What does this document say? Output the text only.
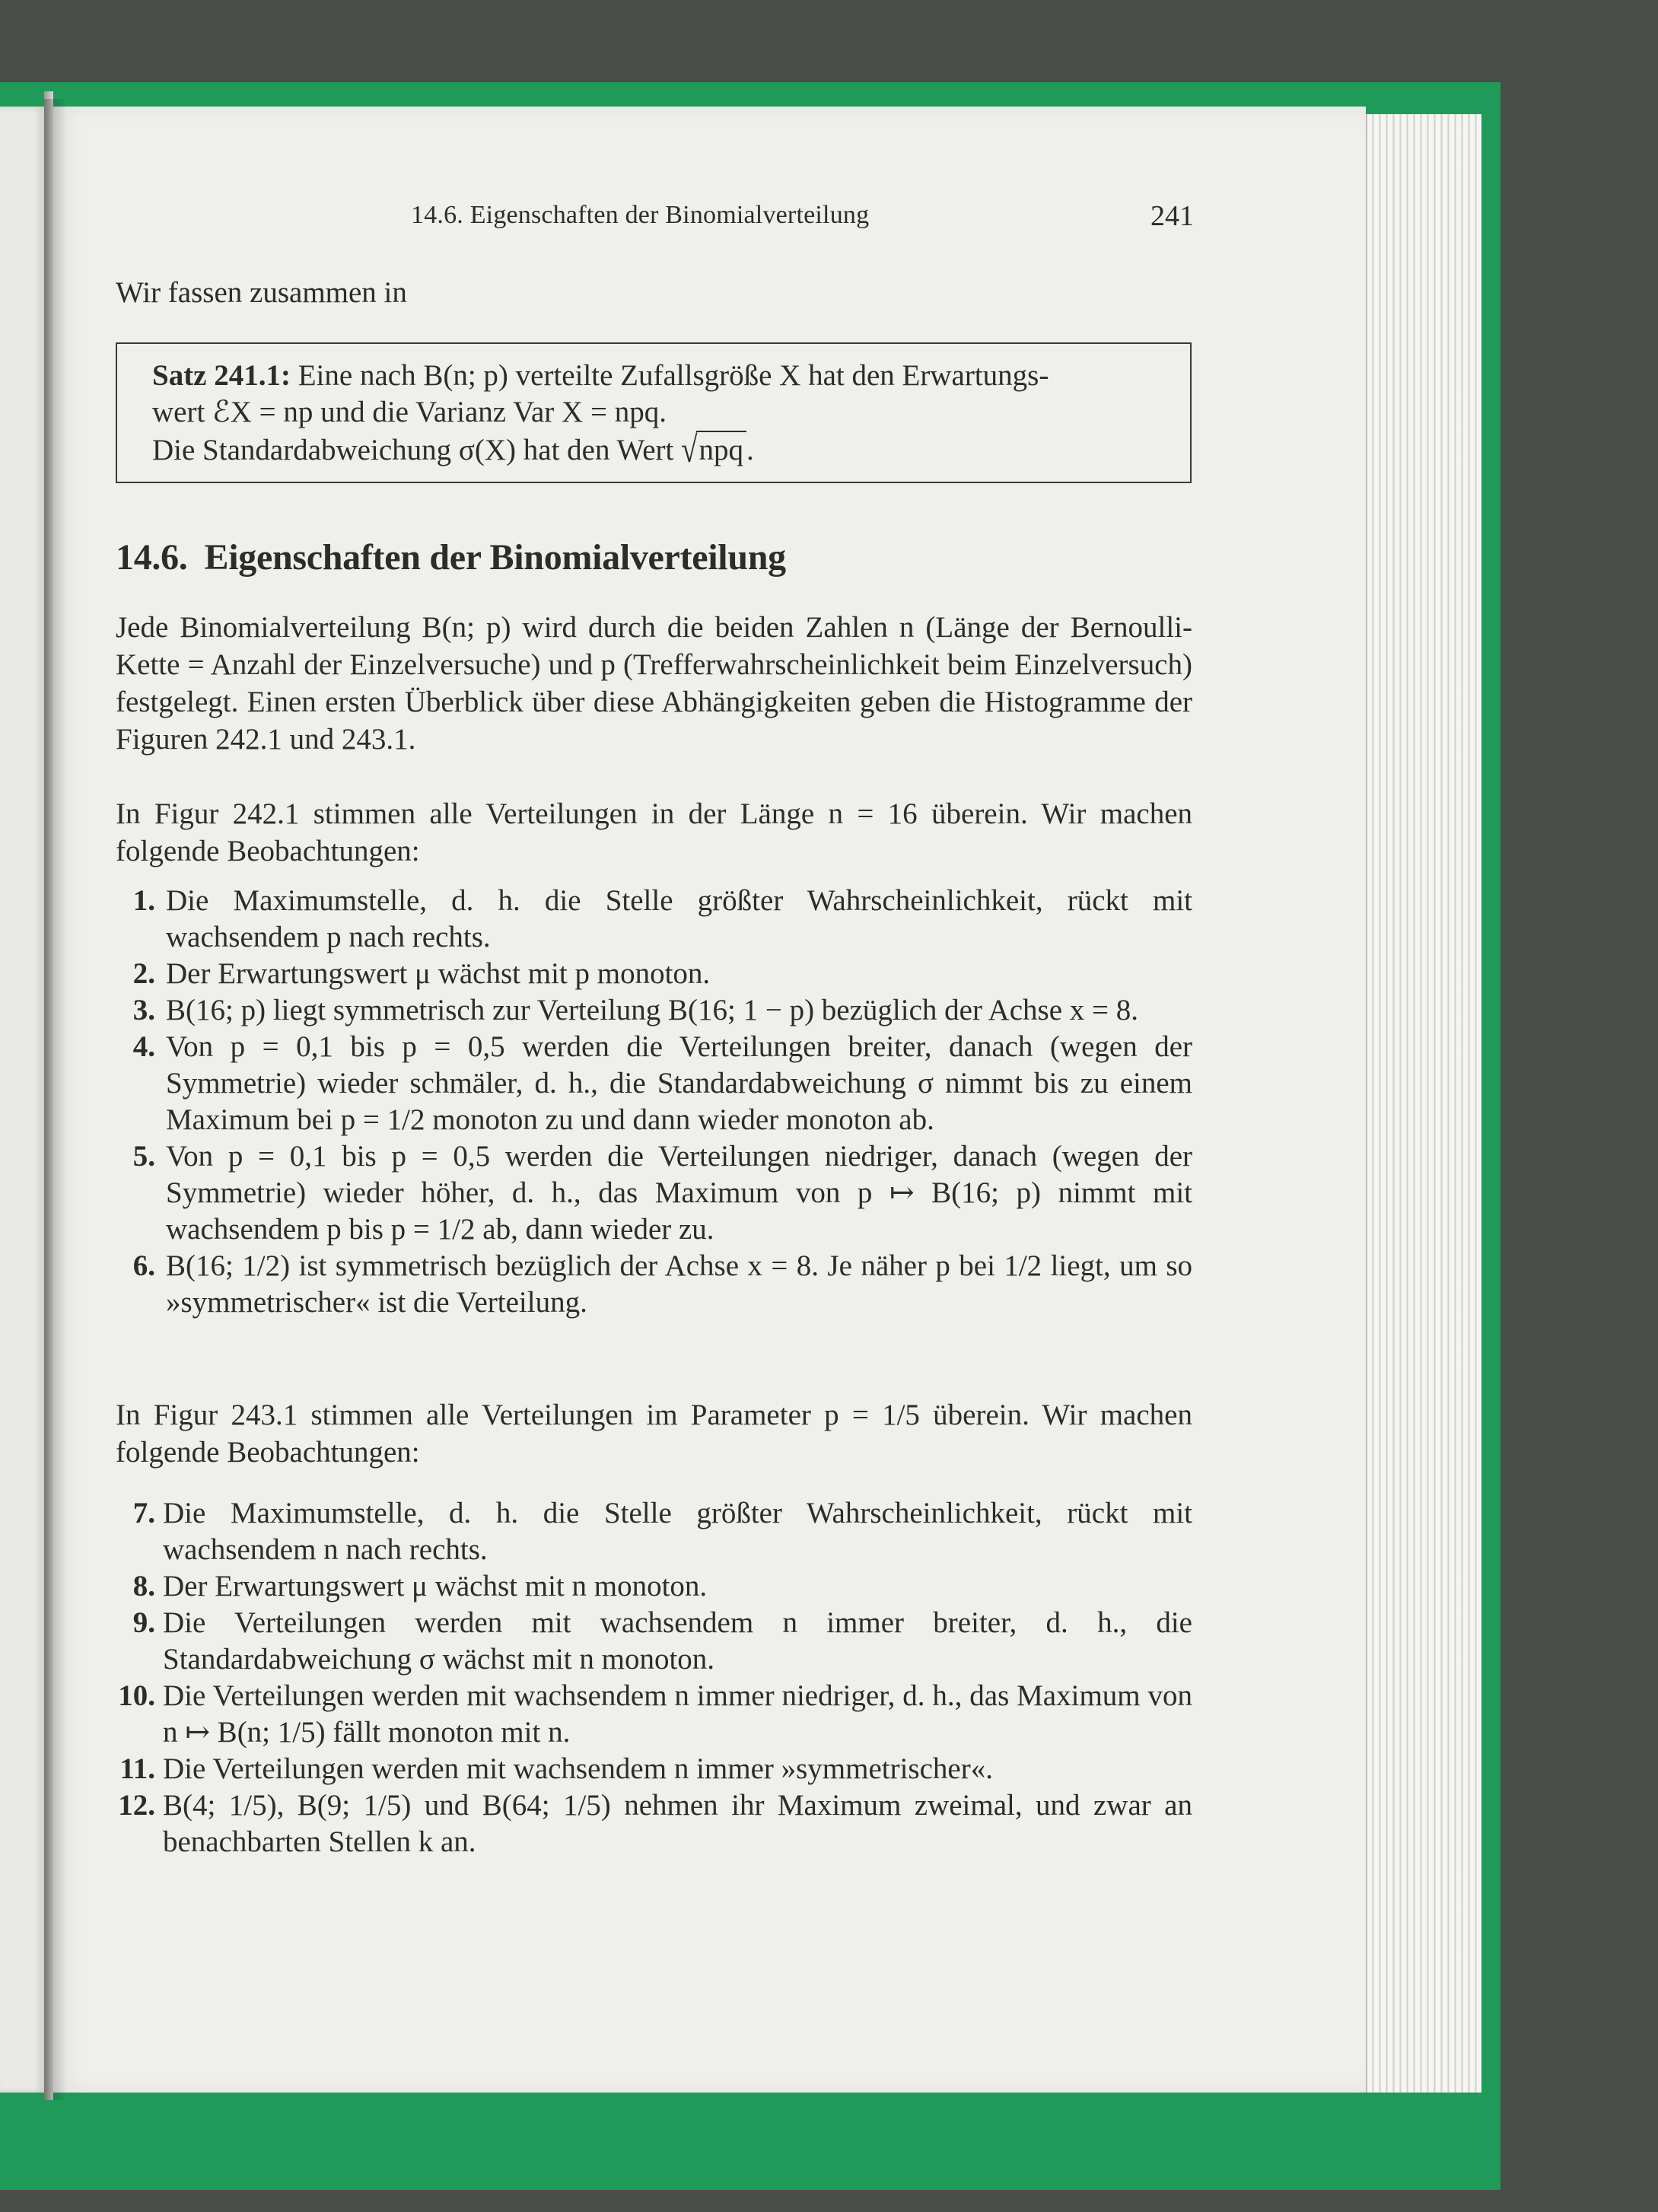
14.6. Eigenschaften der Binomialverteilung	241
Wir fassen zusammen in
Satz 241.1: Eine nach B(n; p) verteilte Zufallsgröße X hat den Erwartungs-
wert ℰX = np und die Varianz Var X = npq.
Die Standardabweichung σ(X) hat den Wert √npq .
14.6. Eigenschaften der Binomialverteilung

Jede Binomialverteilung B(n; p) wird durch die beiden Zahlen n (Länge der Bernoulli-Kette = Anzahl der Einzelversuche) und p (Trefferwahrscheinlichkeit beim Einzelversuch) festgelegt. Einen ersten Überblick über diese Abhängigkeiten geben die Histogramme der Figuren 242.1 und 243.1.

In Figur 242.1 stimmen alle Verteilungen in der Länge n = 16 überein. Wir machen folgende Beobachtungen:

1. Die Maximumstelle, d. h. die Stelle größter Wahrscheinlichkeit, rückt mit wachsendem p nach rechts.
2. Der Erwartungswert μ wächst mit p monoton.
3. B(16; p) liegt symmetrisch zur Verteilung B(16; 1 − p) bezüglich der Achse x = 8.
4. Von p = 0,1 bis p = 0,5 werden die Verteilungen breiter, danach (wegen der Symmetrie) wieder schmäler, d. h., die Standardabweichung σ nimmt bis zu einem Maximum bei p = 1/2 monoton zu und dann wieder monoton ab.
5. Von p = 0,1 bis p = 0,5 werden die Verteilungen niedriger, danach (wegen der Symmetrie) wieder höher, d. h., das Maximum von p ↦ B(16; p) nimmt mit wachsendem p bis p = 1/2 ab, dann wieder zu.
6. B(16; 1/2) ist symmetrisch bezüglich der Achse x = 8. Je näher p bei 1/2 liegt, um so »symmetrischer« ist die Verteilung.

In Figur 243.1 stimmen alle Verteilungen im Parameter p = 1/5 überein. Wir machen folgende Beobachtungen:

7. Die Maximumstelle, d. h. die Stelle größter Wahrscheinlichkeit, rückt mit wachsendem n nach rechts.
8. Der Erwartungswert μ wächst mit n monoton.
9. Die Verteilungen werden mit wachsendem n immer breiter, d. h., die Standardabweichung σ wächst mit n monoton.
10. Die Verteilungen werden mit wachsendem n immer niedriger, d. h., das Maximum von n ↦ B(n; 1/5) fällt monoton mit n.
11. Die Verteilungen werden mit wachsendem n immer »symmetrischer«.
12. B(4; 1/5), B(9; 1/5) und B(64; 1/5) nehmen ihr Maximum zweimal, und zwar an benachbarten Stellen k an.
